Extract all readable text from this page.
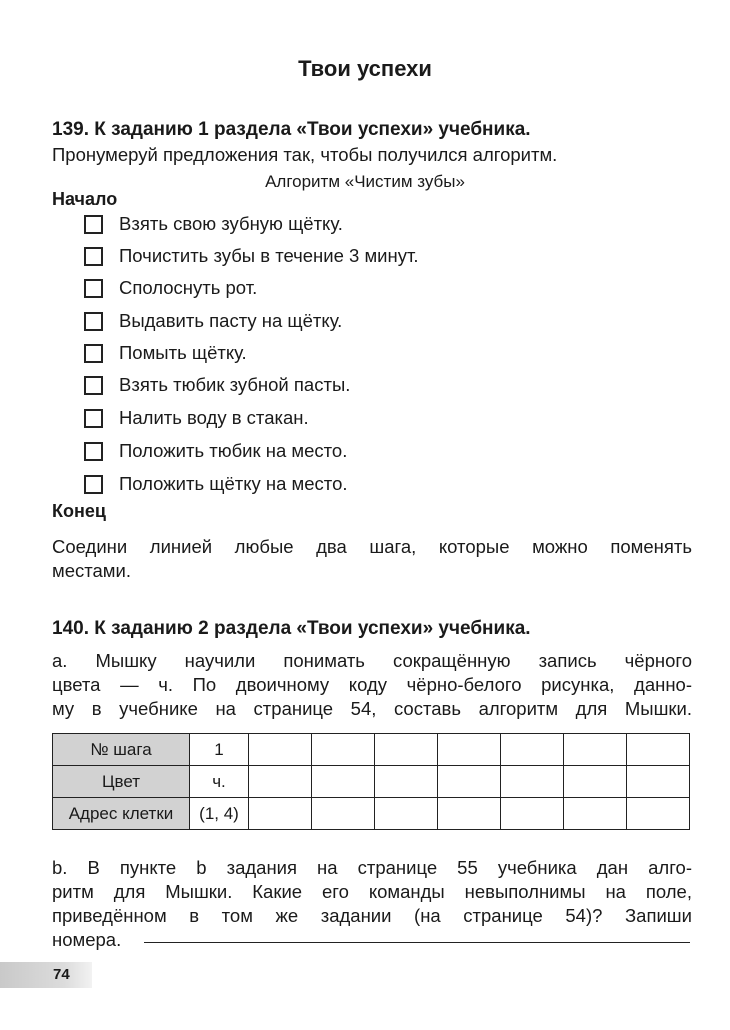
Твои успехи
139. К заданию 1 раздела «Твои успехи» учебника.
Пронумеруй предложения так, чтобы получился алгоритм.
Алгоритм «Чистим зубы»
Начало
Взять свою зубную щётку.
Почистить зубы в течение 3 минут.
Сполоснуть рот.
Выдавить пасту на щётку.
Помыть щётку.
Взять тюбик зубной пасты.
Налить воду в стакан.
Положить тюбик на место.
Положить щётку на место.
Конец
Соедини линией любые два шага, которые можно поменять
местами.
140. К заданию 2 раздела «Твои успехи» учебника.
а. Мышку научили понимать сокращённую запись чёрного
цвета — ч. По двоичному коду чёрно-белого рисунка, данно-
му в учебнике на странице 54, составь алгоритм для Мышки.
№ шага	1							
Цвет	ч.							
Адрес клетки	(1, 4)							
b. В пункте b задания на странице 55 учебника дан алго-
ритм для Мышки. Какие его команды невыполнимы на поле,
приведённом в том же задании (на странице 54)? Запиши
номера.
74
